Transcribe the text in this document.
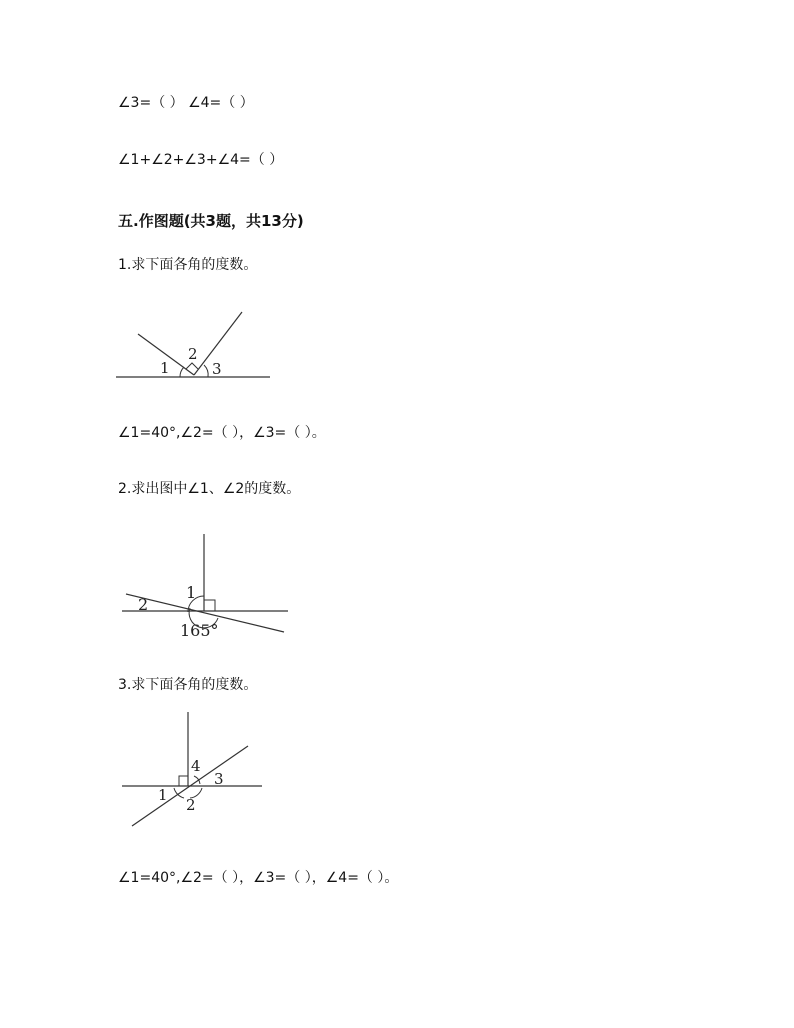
∠3=（ ） ∠4=（ ）
∠1+∠2+∠3+∠4=（ ）
五.作图题(共3题，共13分)
1.求下面各角的度数。
1
2
3
∠1=40°,∠2=（ ），∠3=（ ）。
2.求出图中∠1、∠2的度数。
1
2
165°
3.求下面各角的度数。
4
3
1
2
∠1=40°,∠2=（ ），∠3=（ ），∠4=（ ）。
